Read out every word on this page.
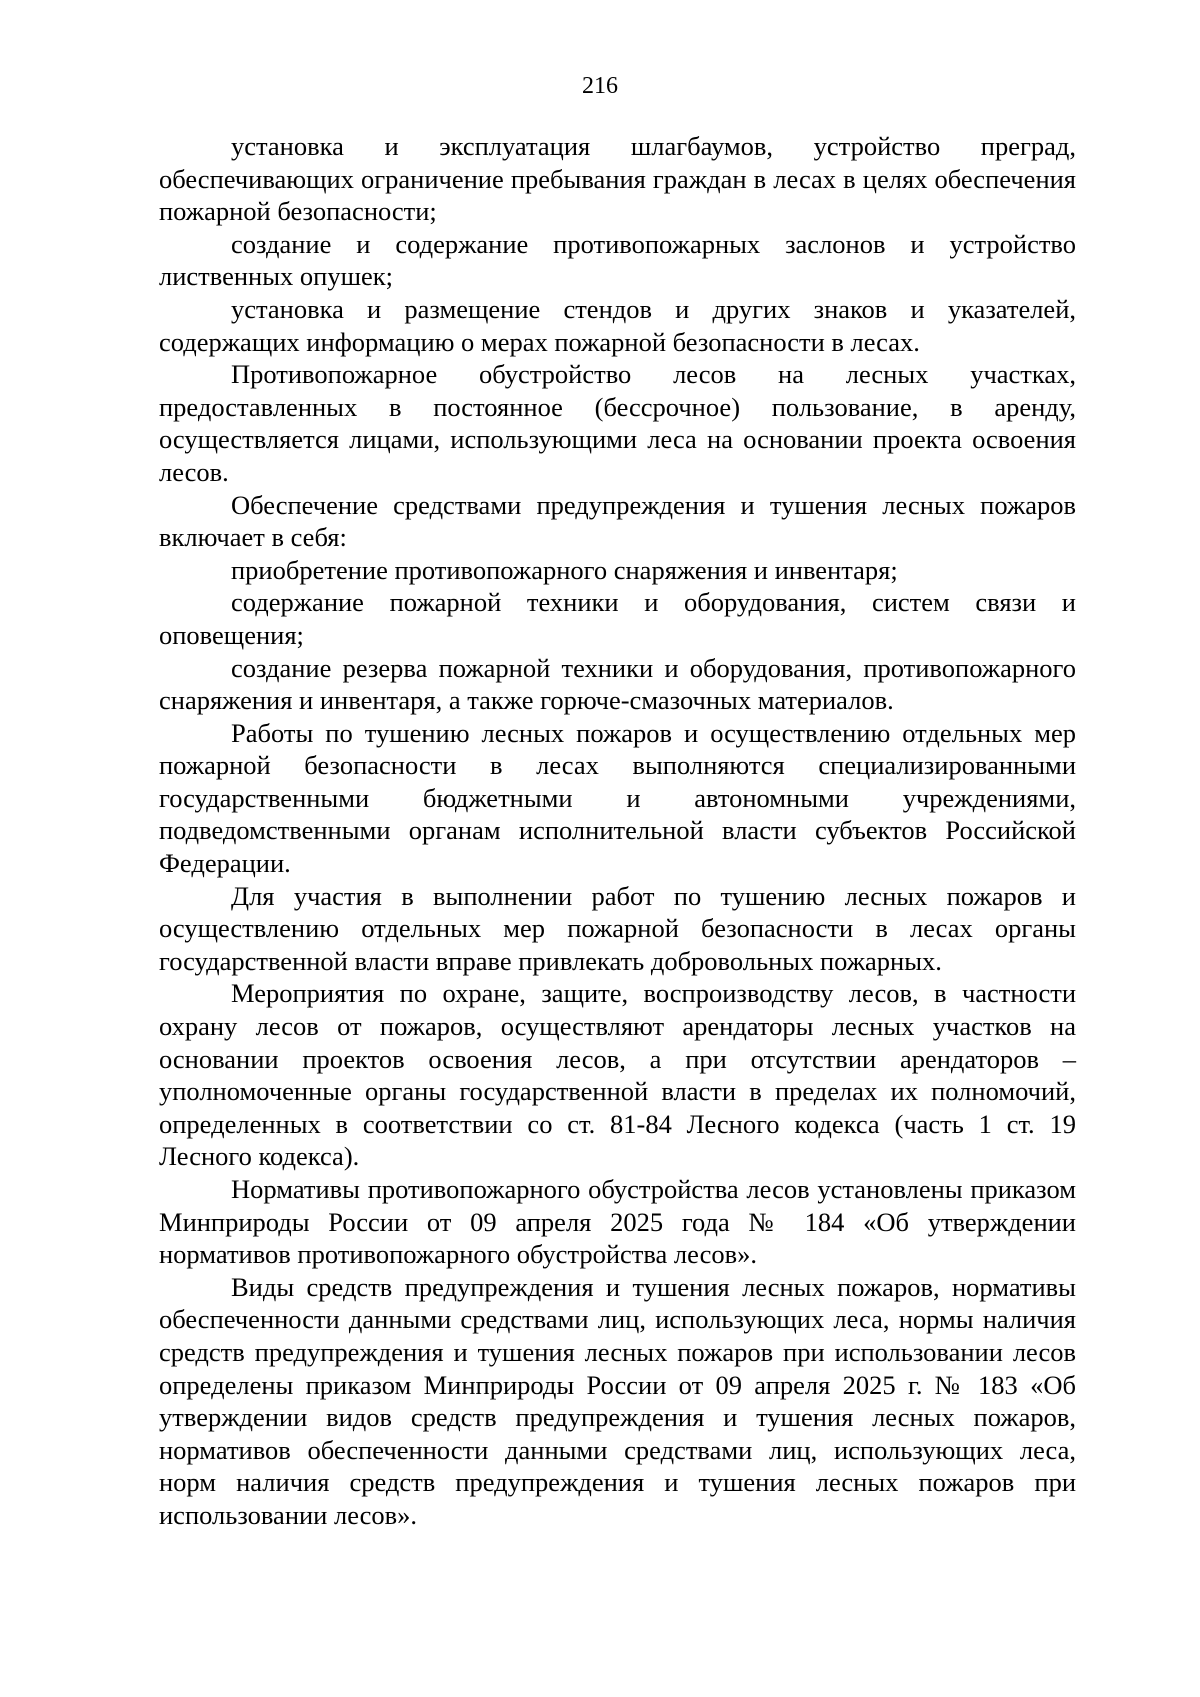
216

установка и эксплуатация шлагбаумов, устройство преград, обеспечивающих ограничение пребывания граждан в лесах в целях обеспечения пожарной безопасности;

создание и содержание противопожарных заслонов и устройство лиственных опушек;

установка и размещение стендов и других знаков и указателей, содержащих информацию о мерах пожарной безопасности в лесах.

Противопожарное обустройство лесов на лесных участках, предоставленных в постоянное (бессрочное) пользование, в аренду, осуществляется лицами, использующими леса на основании проекта освоения лесов.

Обеспечение средствами предупреждения и тушения лесных пожаров включает в себя:

приобретение противопожарного снаряжения и инвентаря;

содержание пожарной техники и оборудования, систем связи и оповещения;

создание резерва пожарной техники и оборудования, противопожарного снаряжения и инвентаря, а также горюче-смазочных материалов.

Работы по тушению лесных пожаров и осуществлению отдельных мер пожарной безопасности в лесах выполняются специализированными государственными бюджетными и автономными учреждениями, подведомственными органам исполнительной власти субъектов Российской Федерации.

Для участия в выполнении работ по тушению лесных пожаров и осуществлению отдельных мер пожарной безопасности в лесах органы государственной власти вправе привлекать добровольных пожарных.

Мероприятия по охране, защите, воспроизводству лесов, в частности охрану лесов от пожаров, осуществляют арендаторы лесных участков на основании проектов освоения лесов, а при отсутствии арендаторов – уполномоченные органы государственной власти в пределах их полномочий, определенных в соответствии со ст. 81-84 Лесного кодекса (часть 1 ст. 19 Лесного кодекса).

Нормативы противопожарного обустройства лесов установлены приказом Минприроды России от 09 апреля 2025 года № 184 «Об утверждении нормативов противопожарного обустройства лесов».

Виды средств предупреждения и тушения лесных пожаров, нормативы обеспеченности данными средствами лиц, использующих леса, нормы наличия средств предупреждения и тушения лесных пожаров при использовании лесов определены приказом Минприроды России от 09 апреля 2025 г. № 183 «Об утверждении видов средств предупреждения и тушения лесных пожаров, нормативов обеспеченности данными средствами лиц, использующих леса, норм наличия средств предупреждения и тушения лесных пожаров при использовании лесов».
